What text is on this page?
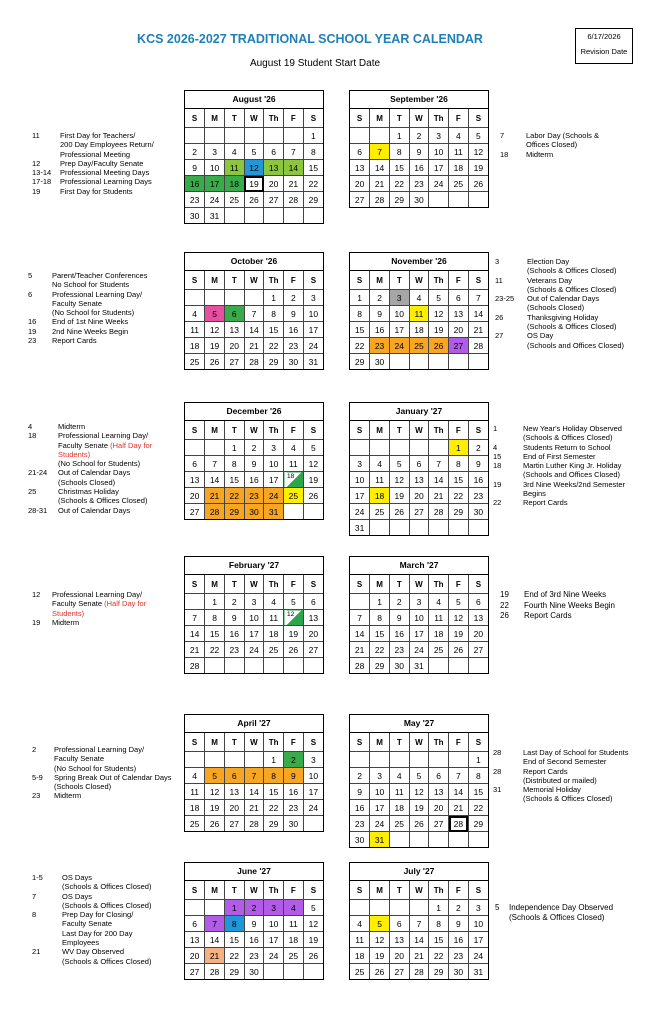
KCS 2026-2027 TRADITIONAL SCHOOL YEAR CALENDAR
August 19 Student Start Date
6/17/2026
Revision Date
August '26
S	M	T	W	Th	F	S
						1
2	3	4	5	6	7	8
9	10	11	12	13	14	15
16	17	18	19	20	21	22
23	24	25	26	27	28	29
30	31					
September '26
S	M	T	W	Th	F	S
		1	2	3	4	5
6	7	8	9	10	11	12
13	14	15	16	17	18	19
20	21	22	23	24	25	26
27	28	29	30			
October '26
S	M	T	W	Th	F	S
				1	2	3
4	5	6	7	8	9	10
11	12	13	14	15	16	17
18	19	20	21	22	23	24
25	26	27	28	29	30	31
November '26
S	M	T	W	Th	F	S
1	2	3	4	5	6	7
8	9	10	11	12	13	14
15	16	17	18	19	20	21
22	23	24	25	26	27	28
29	30					
December '26
S	M	T	W	Th	F	S
		1	2	3	4	5
6	7	8	9	10	11	12
13	14	15	16	17	18	19
20	21	22	23	24	25	26
27	28	29	30	31		
January '27
S	M	T	W	Th	F	S
					1	2
3	4	5	6	7	8	9
10	11	12	13	14	15	16
17	18	19	20	21	22	23
24	25	26	27	28	29	30
31						
February '27
S	M	T	W	Th	F	S
	1	2	3	4	5	6
7	8	9	10	11	12	13
14	15	16	17	18	19	20
21	22	23	24	25	26	27
28						
March '27
S	M	T	W	Th	F	S
	1	2	3	4	5	6
7	8	9	10	11	12	13
14	15	16	17	18	19	20
21	22	23	24	25	26	27
28	29	30	31			
April '27
S	M	T	W	Th	F	S
				1	2	3
4	5	6	7	8	9	10
11	12	13	14	15	16	17
18	19	20	21	22	23	24
25	26	27	28	29	30	
May '27
S	M	T	W	Th	F	S
						1
2	3	4	5	6	7	8
9	10	11	12	13	14	15
16	17	18	19	20	21	22
23	24	25	26	27	28	29
30	31					
June '27
S	M	T	W	Th	F	S
		1	2	3	4	5
6	7	8	9	10	11	12
13	14	15	16	17	18	19
20	21	22	23	24	25	26
27	28	29	30			
July '27
S	M	T	W	Th	F	S
				1	2	3
4	5	6	7	8	9	10
11	12	13	14	15	16	17
18	19	20	21	22	23	24
25	26	27	28	29	30	31
11	First Day for Teachers/
200 Day Employees Return/
Professional Meeting
12	Prep Day/Faculty Senate
13-14 Professional Meeting Days
17-18 Professional Learning Days
19	First Day for Students
7	Labor Day (Schools &
Offices Closed)
18 Midterm
5	Parent/Teacher Conferences
No School for Students
6	Professional Learning Day/
Faculty Senate
(No School for Students)
16 End of 1st Nine Weeks
19 2nd Nine Weeks Begin
23 Report Cards
3	Election Day
(Schools & Offices Closed)
11	Veterans Day
(Schools & Offices Closed)
23-25 Out of Calendar Days
(Schools Closed)
26	Thanksgiving Holiday
(Schools & Offices Closed)
27	OS Day
(Schools and Offices Closed)
4	Midterm
18	Professional Learning Day/
Faculty Senate (Half Day for
Students)
(No School for Students)
21-24 Out of Calendar Days
(Schools Closed)
25	Christmas Holiday
(Schools & Offices Closed)
28-31 Out of Calendar Days
1	New Year's Holiday Observed
(Schools & Offices Closed)
4	Students Return to School
15	End of First Semester
18	Martin Luther King Jr. Holiday
(Schools and Offices Closed)
19	3rd Nine Weeks/2nd Semester
Begins
22	Report Cards
12 Professional Learning Day/
Faculty Senate (Half Day for
Students)
19 Midterm
19 End of 3rd Nine Weeks
22 Fourth Nine Weeks Begin
26 Report Cards
2 Professional Learning Day/
Faculty Senate
(No School for Students)
5-9 Spring Break Out of Calendar Days
(Schools Closed)
23 Midterm
28	Last Day of School for Students
End of Second Semester
28	Report Cards
(Distributed or mailed)
31	Memorial Holiday
(Schools & Offices Closed)
1-5	OS Days
(Schools & Offices Closed)
7	OS Days
(Schools & Offices Closed)
8	Prep Day for Closing/
Faculty Senate
Last Day for 200 Day
Employees
21	WV Day Observed
(Schools & Offices Closed)
5 Independence Day Observed
(Schools & Offices Closed)
